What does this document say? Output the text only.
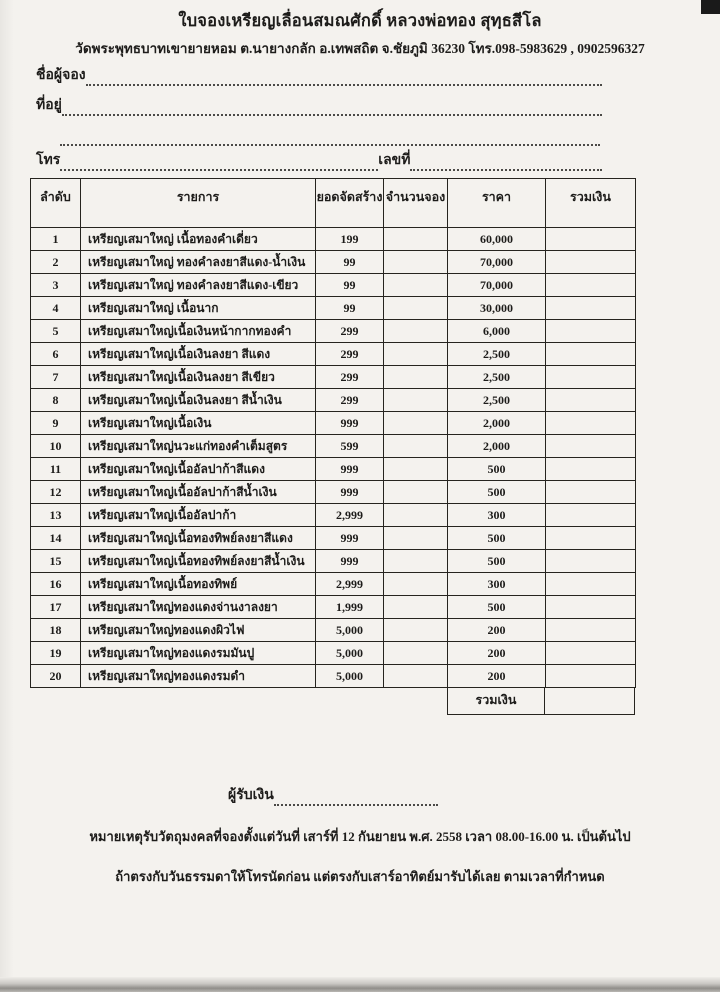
ใบจองเหรียญเลื่อนสมณศักดิ์ หลวงพ่อทอง สุทฺธสีโล
วัดพระพุทธบาทเขายายหอม ต.นายางกลัก อ.เทพสถิต จ.ชัยภูมิ 36230 โทร.098-5983629 , 0902596327
ชื่อผู้จอง
ที่อยู่
โทร	เลขที่
ลำดับ	รายการ	ยอดจัดสร้าง	จำนวนจอง	ราคา	รวมเงิน
1	เหรียญเสมาใหญ่ เนื้อทองคำเดี่ยว	199		60,000	
2	เหรียญเสมาใหญ่ ทองคำลงยาสีแดง-น้ำเงิน	99		70,000	
3	เหรียญเสมาใหญ่ ทองคำลงยาสีแดง-เขียว	99		70,000	
4	เหรียญเสมาใหญ่ เนื้อนาก	99		30,000	
5	เหรียญเสมาใหญ่เนื้อเงินหน้ากากทองคำ	299		6,000	
6	เหรียญเสมาใหญ่เนื้อเงินลงยา สีแดง	299		2,500	
7	เหรียญเสมาใหญ่เนื้อเงินลงยา สีเขียว	299		2,500	
8	เหรียญเสมาใหญ่เนื้อเงินลงยา สีน้ำเงิน	299		2,500	
9	เหรียญเสมาใหญ่เนื้อเงิน	999		2,000	
10	เหรียญเสมาใหญ่นวะแก่ทองคำเต็มสูตร	599		2,000	
11	เหรียญเสมาใหญ่เนื้ออัลปาก้าสีแดง	999		500	
12	เหรียญเสมาใหญ่เนื้ออัลปาก้าสีน้ำเงิน	999		500	
13	เหรียญเสมาใหญ่เนื้ออัลปาก้า	2,999		300	
14	เหรียญเสมาใหญ่เนื้อทองทิพย์ลงยาสีแดง	999		500	
15	เหรียญเสมาใหญ่เนื้อทองทิพย์ลงยาสีน้ำเงิน	999		500	
16	เหรียญเสมาใหญ่เนื้อทองทิพย์	2,999		300	
17	เหรียญเสมาใหญ่ทองแดงจ่านงาลงยา	1,999		500	
18	เหรียญเสมาใหญ่ทองแดงผิวไฟ	5,000		200	
19	เหรียญเสมาใหญ่ทองแดงรมมันปู	5,000		200	
20	เหรียญเสมาใหญ่ทองแดงรมดำ	5,000		200	
รวมเงิน
ผู้รับเงิน
หมายเหตุรับวัตถุมงคลที่จองตั้งแต่วันที่ เสาร์ที่ 12 กันยายน พ.ศ. 2558 เวลา 08.00-16.00 น. เป็นต้นไป
ถ้าตรงกับวันธรรมดาให้โทรนัดก่อน แต่ตรงกับเสาร์อาทิตย์มารับได้เลย ตามเวลาที่กำหนด
